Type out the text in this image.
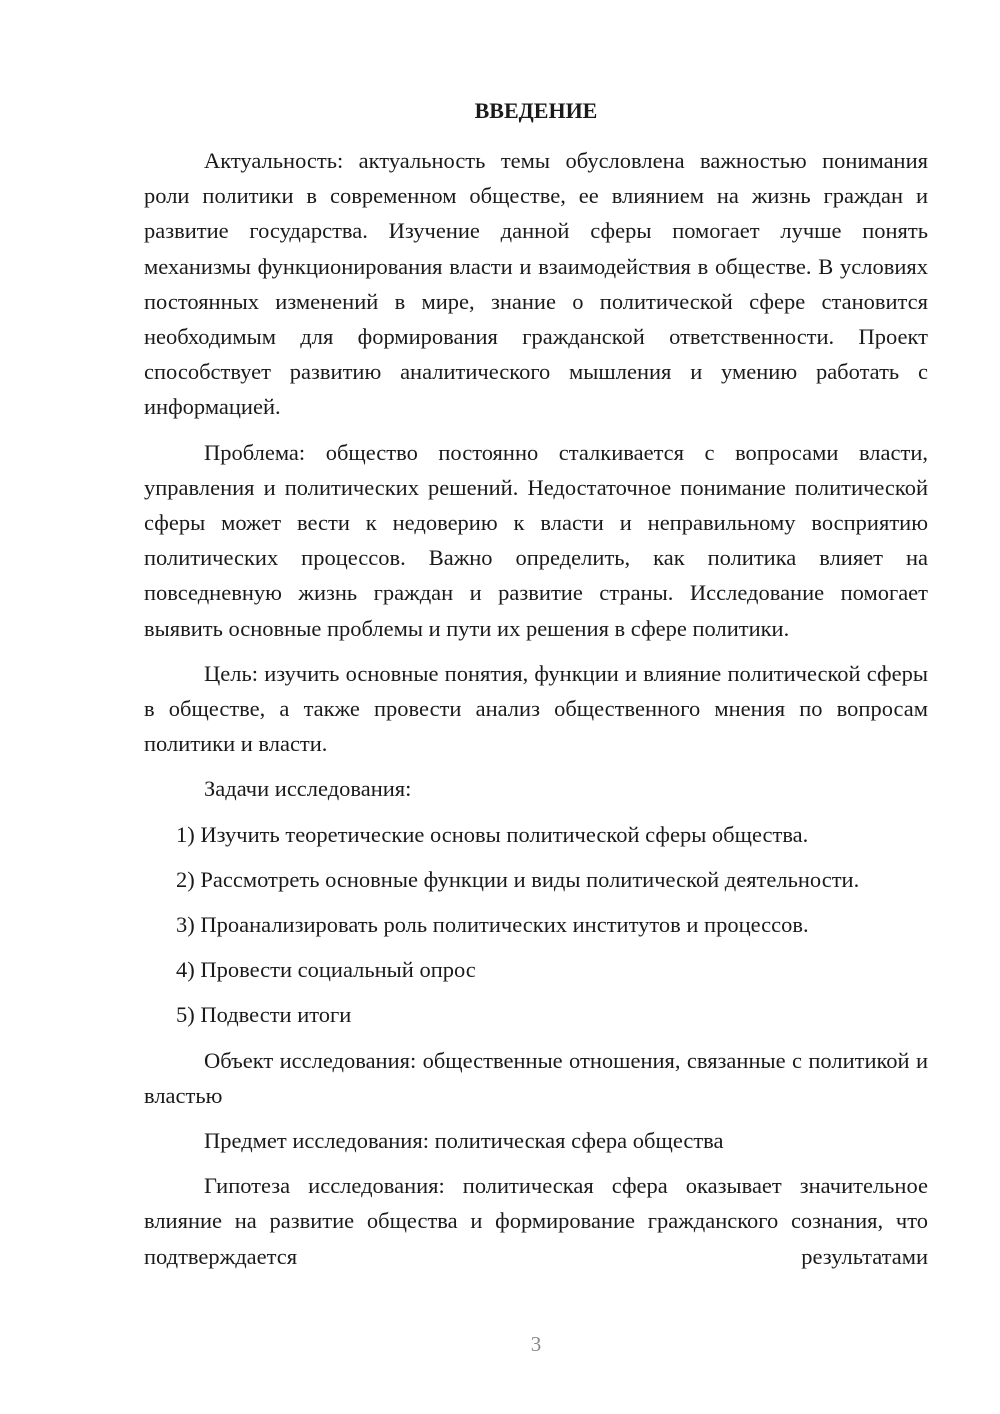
ВВЕДЕНИЕ

Актуальность: актуальность темы обусловлена важностью понимания роли политики в современном обществе, ее влиянием на жизнь граждан и развитие государства. Изучение данной сферы помогает лучше понять механизмы функционирования власти и взаимодействия в обществе. В условиях постоянных изменений в мире, знание о политической сфере становится необходимым для формирования гражданской ответственности. Проект способствует развитию аналитического мышления и умению работать с информацией.

Проблема: общество постоянно сталкивается с вопросами власти, управления и политических решений. Недостаточное понимание политической сферы может вести к недоверию к власти и неправильному восприятию политических процессов. Важно определить, как политика влияет на повседневную жизнь граждан и развитие страны. Исследование помогает выявить основные проблемы и пути их решения в сфере политики.

Цель: изучить основные понятия, функции и влияние политической сферы в обществе, а также провести анализ общественного мнения по вопросам политики и власти.

Задачи исследования:

1) Изучить теоретические основы политической сферы общества.
2) Рассмотреть основные функции и виды политической деятельности.
3) Проанализировать роль политических институтов и процессов.
4) Провести социальный опрос
5) Подвести итоги

Объект исследования: общественные отношения, связанные с политикой и властью

Предмет исследования: политическая сфера общества

Гипотеза исследования: политическая сфера оказывает значительное влияние на развитие общества и формирование гражданского сознания, что подтверждается результатами

3
